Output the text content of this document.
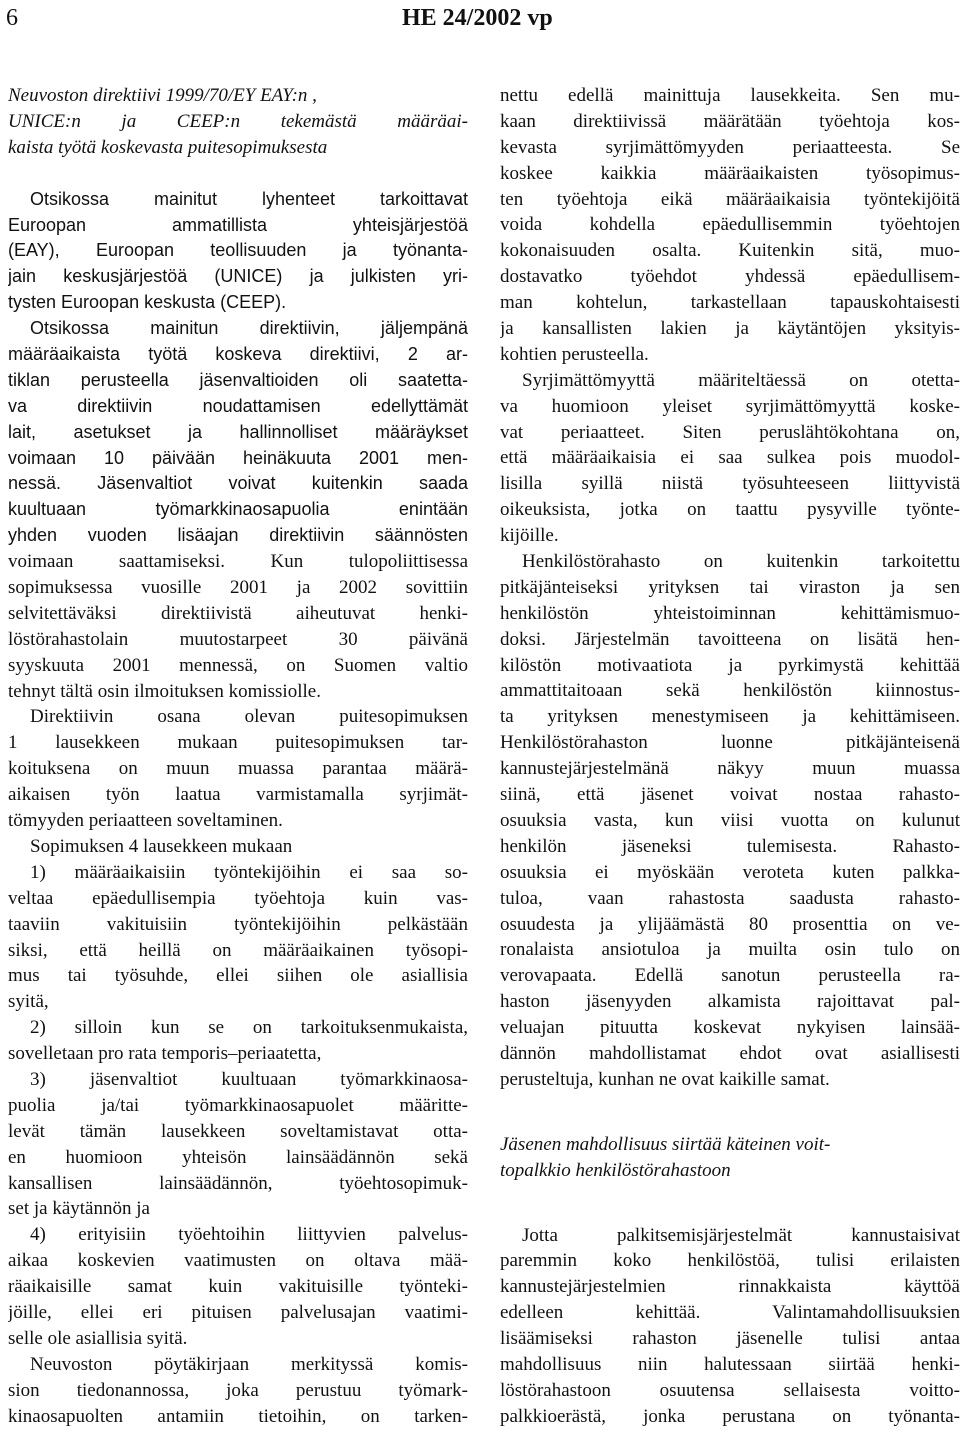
6	HE 24/2002 vp
Neuvoston direktiivi 1999/70/EY EAY:n ,
UNICE:n ja CEEP:n tekemästä määräai-
kaista työtä koskevasta puitesopimuksesta
Otsikossa mainitut lyhenteet tarkoittavat
Euroopan ammatillista yhteisjärjestöä
(EAY), Euroopan teollisuuden ja työnanta-
jain keskusjärjestöä (UNICE) ja julkisten yri-
tysten Euroopan keskusta (CEEP).
Otsikossa mainitun direktiivin, jäljempänä
määräaikaista työtä koskeva direktiivi, 2 ar-
tiklan perusteella jäsenvaltioiden oli saatetta-
va direktiivin noudattamisen edellyttämät
lait, asetukset ja hallinnolliset määräykset
voimaan 10 päivään heinäkuuta 2001 men-
nessä. Jäsenvaltiot voivat kuitenkin saada
kuultuaan työmarkkinaosapuolia enintään
yhden vuoden lisäajan direktiivin säännösten
voimaan saattamiseksi. Kun tulopoliittisessa
sopimuksessa vuosille 2001 ja 2002 sovittiin
selvitettäväksi direktiivistä aiheutuvat henki-
löstörahastolain muutostarpeet 30 päivänä
syyskuuta 2001 mennessä, on Suomen valtio
tehnyt tältä osin ilmoituksen komissiolle.
Direktiivin osana olevan puitesopimuksen
1 lausekkeen mukaan puitesopimuksen tar-
koituksena on muun muassa parantaa määrä-
aikaisen työn laatua varmistamalla syrjimät-
tömyyden periaatteen soveltaminen.
Sopimuksen 4 lausekkeen mukaan
1) määräaikaisiin työntekijöihin ei saa so-
veltaa epäedullisempia työehtoja kuin vas-
taaviin vakituisiin työntekijöihin pelkästään
siksi, että heillä on määräaikainen työsopi-
mus tai työsuhde, ellei siihen ole asiallisia
syitä,
2) silloin kun se on tarkoituksenmukaista,
sovelletaan pro rata temporis–periaatetta,
3) jäsenvaltiot kuultuaan työmarkkinaosa-
puolia ja/tai työmarkkinaosapuolet määritte-
levät tämän lausekkeen soveltamistavat otta-
en huomioon yhteisön lainsäädännön sekä
kansallisen lainsäädännön, työehtosopimuk-
set ja käytännön ja
4) erityisiin työehtoihin liittyvien palvelus-
aikaa koskevien vaatimusten on oltava mää-
räaikaisille samat kuin vakituisille työnteki-
jöille, ellei eri pituisen palvelusajan vaatimi-
selle ole asiallisia syitä.
Neuvoston pöytäkirjaan merkityssä komis-
sion tiedonannossa, joka perustuu työmark-
kinaosapuolten antamiin tietoihin, on tarken-
nettu edellä mainittuja lausekkeita. Sen mu-
kaan direktiivissä määrätään työehtoja kos-
kevasta syrjimättömyyden periaatteesta. Se
koskee kaikkia määräaikaisten työsopimus-
ten työehtoja eikä määräaikaisia työntekijöitä
voida kohdella epäedullisemmin työehtojen
kokonaisuuden osalta. Kuitenkin sitä, muo-
dostavatko työehdot yhdessä epäedullisem-
man kohtelun, tarkastellaan tapauskohtaisesti
ja kansallisten lakien ja käytäntöjen yksityis-
kohtien perusteella.
Syrjimättömyyttä määriteltäessä on otetta-
va huomioon yleiset syrjimättömyyttä koske-
vat periaatteet. Siten peruslähtökohtana on,
että määräaikaisia ei saa sulkea pois muodol-
lisilla syillä niistä työsuhteeseen liittyvistä
oikeuksista, jotka on taattu pysyville työnte-
kijöille.
Henkilöstörahasto on kuitenkin tarkoitettu
pitkäjänteiseksi yrityksen tai viraston ja sen
henkilöstön yhteistoiminnan kehittämismuo-
doksi. Järjestelmän tavoitteena on lisätä hen-
kilöstön motivaatiota ja pyrkimystä kehittää
ammattitaitoaan sekä henkilöstön kiinnostus-
ta yrityksen menestymiseen ja kehittämiseen.
Henkilöstörahaston luonne pitkäjänteisenä
kannustejärjestelmänä näkyy muun muassa
siinä, että jäsenet voivat nostaa rahasto-
osuuksia vasta, kun viisi vuotta on kulunut
henkilön jäseneksi tulemisesta. Rahasto-
osuuksia ei myöskään veroteta kuten palkka-
tuloa, vaan rahastosta saadusta rahasto-
osuudesta ja ylijäämästä 80 prosenttia on ve-
ronalaista ansiotuloa ja muilta osin tulo on
verovapaata. Edellä sanotun perusteella ra-
haston jäsenyyden alkamista rajoittavat pal-
veluajan pituutta koskevat nykyisen lainsää-
dännön mahdollistamat ehdot ovat asiallisesti
perusteltuja, kunhan ne ovat kaikille samat.
Jäsenen mahdollisuus siirtää käteinen voit-
topalkkio henkilöstörahastoon
Jotta palkitsemisjärjestelmät kannustaisivat
paremmin koko henkilöstöä, tulisi erilaisten
kannustejärjestelmien rinnakkaista käyttöä
edelleen kehittää. Valintamahdollisuuksien
lisäämiseksi rahaston jäsenelle tulisi antaa
mahdollisuus niin halutessaan siirtää henki-
löstörahastoon osuutensa sellaisesta voitto-
palkkioerästä, jonka perustana on työnanta-
